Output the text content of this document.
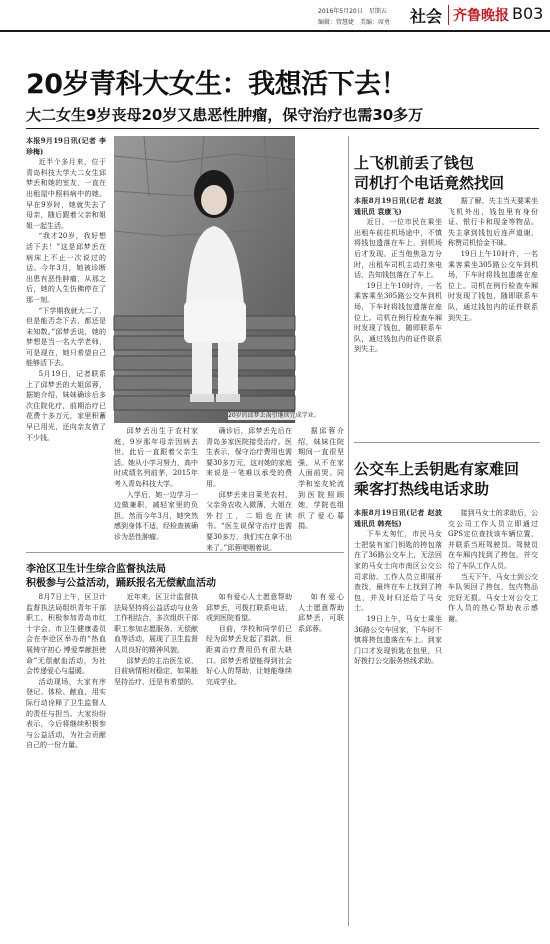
2016年5月20日　星期五
编辑：管慧婕　美编：席勇 社会 齐鲁晚报 B03
20岁青科大女生：我想活下去！
大二女生9岁丧母20岁又患恶性肿瘤，保守治疗也需30多万

本报9月19日讯(记者 李珍梅)

近半个多月来，位于青岛科技大学大二女生邱梦丢和她的室友，一直在出租屋中照料病中的她。早在9岁时，她就失去了母亲，随后跟着父亲和姐姐一起生活。

“我才20岁，我好想活下去！”这是邱梦丢在病床上不止一次说过的话。今年3月，她被诊断出患有恶性肿瘤，从那之后，她的人生仿佛停在了那一刻。

“下学期我就大二了，但是能否念下去，都还是未知数。”邱梦丢说，她的梦想是当一名大学老师，可是现在，她只希望自己能够活下去。

5月19日，记者联系上了邱梦丢的大姐邱蓉，据她介绍，妹妹确诊后多次住院化疗，前期治疗已花费十多万元，家里积蓄早已用光，还向亲友借了不少钱。

20岁的邱梦丢渴望继续完成学业。

邱梦丢出生于农村家庭，9岁那年母亲因病去世，此后一直跟着父亲生活。她从小学习努力，高中时成绩名列前茅，2015年考入青岛科技大学。

入学后，她一边学习一边做兼职，减轻家里的负担。然而今年3月，她突然感到身体不适，经检查被确诊为恶性肿瘤。

确诊后，邱梦丢先后在青岛多家医院接受治疗。医生表示，保守治疗费用也需要30多万元，这对她的家庭来说是一笔难以承受的费用。

邱梦丢来自莱芜农村，父亲务农收入微薄，大姐在外打工，二姐也在读书。“医生说保守治疗也需要30多万，我们实在拿不出来了。”邱蓉哽咽着说。

据邱蓉介绍，妹妹住院期间一直很坚强，从不在家人面前哭。同学和室友轮流到医院照顾她，学院也组织了爱心募捐。

上飞机前丢了钱包
司机打个电话竟然找回

本报8月19日讯(记者 赵波 通讯员 袁康飞)

近日，一位市民在乘坐出租车前往机场途中，不慎将钱包遗落在车上，到机场后才发现。正当他焦急万分时，出租车司机主动打来电话，告知钱包落在了车上。

19日上午10时许，一名乘客乘坐305路公交车到机场，下车时将钱包遗落在座位上。司机在例行检查车厢时发现了钱包，随即联系车队，通过钱包内的证件联系到失主。

据了解，失主当天要乘坐飞机外出，钱包里有身份证、银行卡和现金等物品。失主拿到钱包后连声道谢，称赞司机拾金不昧。

19日上午10时许，一名乘客乘坐305路公交车到机场，下车时将钱包遗落在座位上。司机在例行检查车厢时发现了钱包，随即联系车队，通过钱包内的证件联系到失主。

公交车上丢钥匙有家难回
乘客打热线电话求助

本报8月19日讯(记者 赵波 通讯员 韩亮钰)

下车太匆忙，市民马女士把装有家门钥匙的挎包落在了36路公交车上，无法回家的马女士向市南区公交公司求助。工作人员立即展开查找，最终在车上找到了挎包，并及时归还给了马女士。

19日上午，马女士乘坐36路公交车回家，下车时不慎将挎包遗落在车上。到家门口才发现钥匙在包里，只好拨打公交服务热线求助。

接到马女士的求助后，公交公司工作人员立即通过GPS定位查找该车辆位置，并联系当班驾驶员。驾驶员在车厢内找到了挎包，并交给了车队工作人员。

当天下午，马女士到公交车队领回了挎包，包内物品完好无损。马女士对公交工作人员的热心帮助表示感谢。

李沧区卫生计生综合监督执法局
积极参与公益活动，踊跃报名无偿献血活动

8月7日上午，区卫计监督执法局组织青年干部职工，积极参加青岛市红十字会、市卫生健康委员会在李沧区举办的“热血展铸守初心 博爱奉献担使命”无偿献血活动，为社会传递爱心与温暖。

活动现场，大家有序登记、体检、献血，用实际行动诠释了卫生监督人的责任与担当。大家纷纷表示，今后将继续积极参与公益活动，为社会贡献自己的一份力量。

近年来，区卫计监督执法局坚持将公益活动与业务工作相结合，多次组织干部职工参加志愿服务、无偿献血等活动，展现了卫生监督人员良好的精神风貌。

邱梦丢的主治医生说，目前病情相对稳定，如果能坚持治疗，还是有希望的。

如有爱心人士愿意帮助邱梦丢，可拨打联系电话，或到医院看望。

目前，学校和同学们已经为邱梦丢发起了捐款，但距离治疗费用仍有很大缺口。邱梦丢希望能得到社会好心人的帮助，让她能继续完成学业。

如有爱心人士愿意帮助邱梦丢，可联系邱蓉。
